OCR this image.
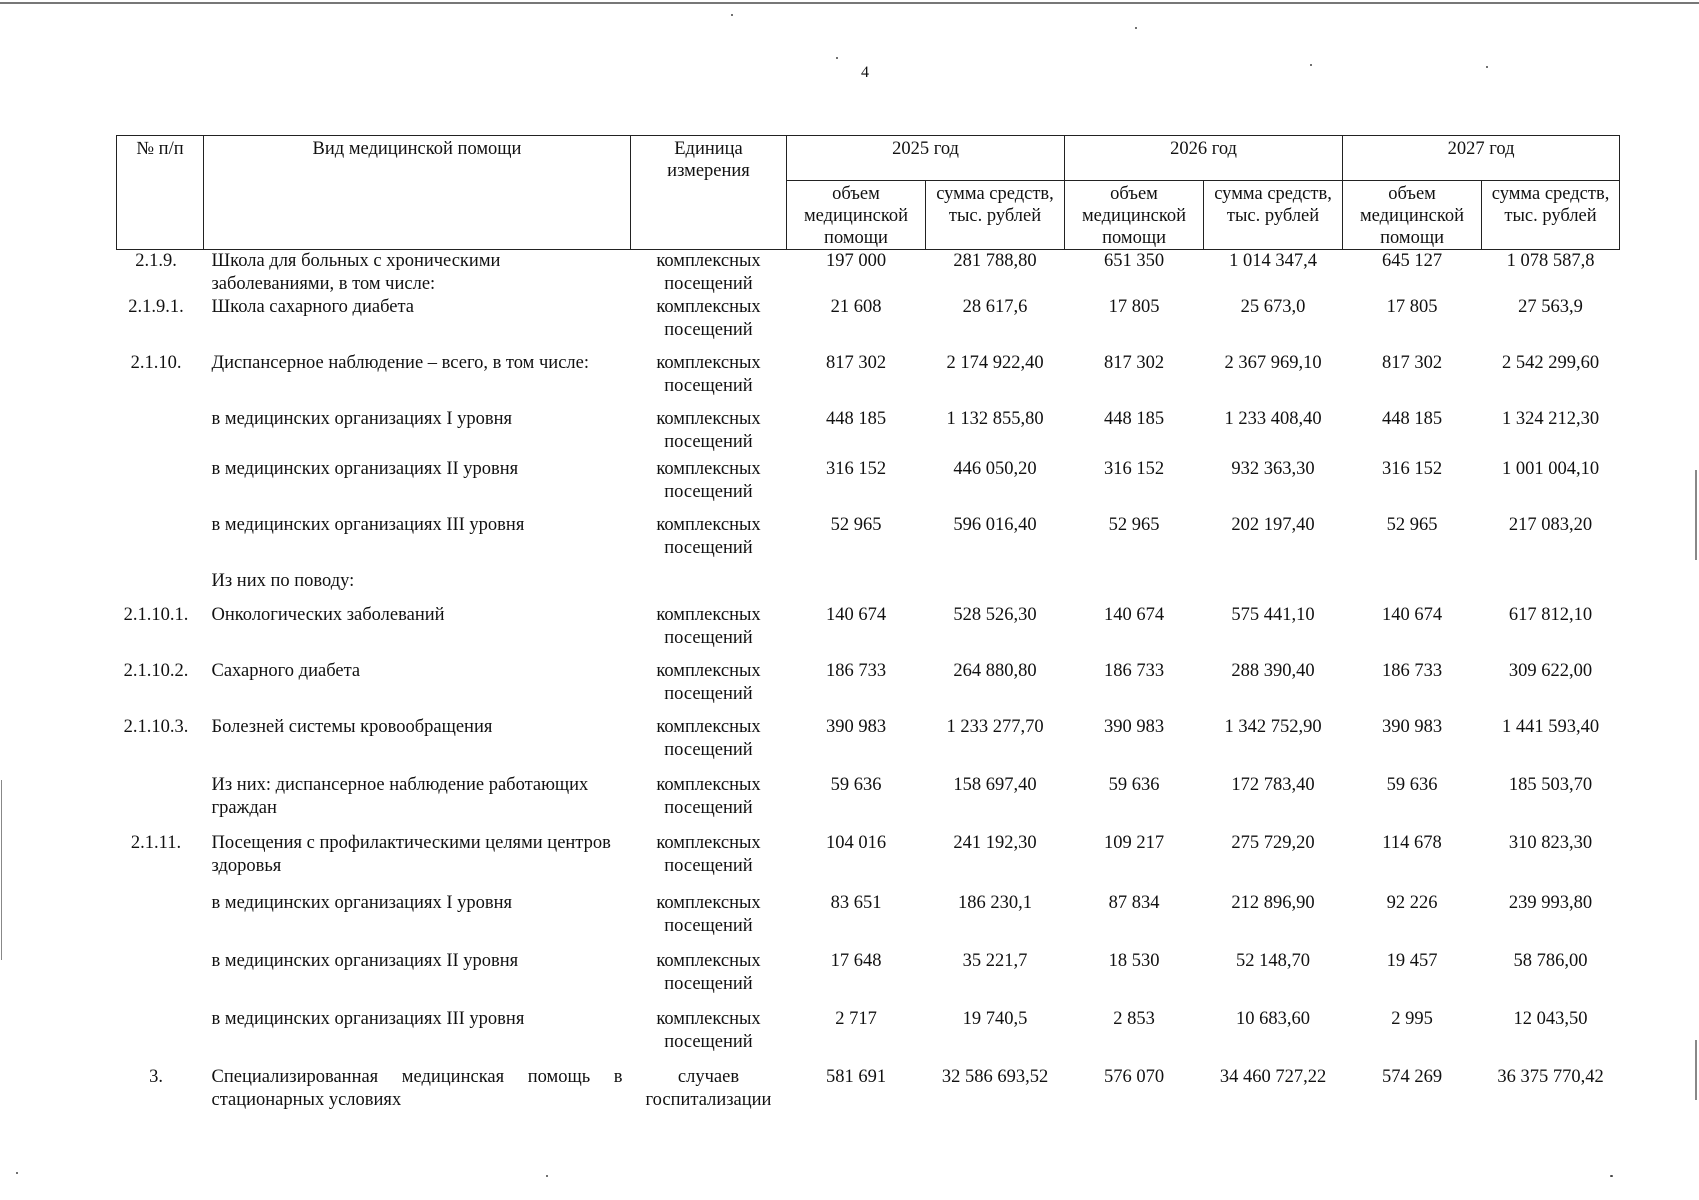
4
№ п/п	Вид медицинской помощи	Единица измерения	2025 год		2026 год		2027 год	
			объем медицинской помощи	сумма средств, тыс. рублей	объем медицинской помощи	сумма средств, тыс. рублей	объем медицинской помощи	сумма средств, тыс. рублей
2.1.9.	Школа для больных с хроническими заболеваниями, в том числе:	комплексных посещений	197 000	281 788,80	651 350	1 014 347,4	645 127	1 078 587,8
2.1.9.1.	Школа сахарного диабета	комплексных посещений	21 608	28 617,6	17 805	25 673,0	17 805	27 563,9
2.1.10.	Диспансерное наблюдение – всего, в том числе:	комплексных посещений	817 302	2 174 922,40	817 302	2 367 969,10	817 302	2 542 299,60
	в медицинских организациях I уровня	комплексных посещений	448 185	1 132 855,80	448 185	1 233 408,40	448 185	1 324 212,30
	в медицинских организациях II уровня	комплексных посещений	316 152	446 050,20	316 152	932 363,30	316 152	1 001 004,10
	в медицинских организациях III уровня	комплексных посещений	52 965	596 016,40	52 965	202 197,40	52 965	217 083,20
	Из них по поводу:							
2.1.10.1.	Онкологических заболеваний	комплексных посещений	140 674	528 526,30	140 674	575 441,10	140 674	617 812,10
2.1.10.2.	Сахарного диабета	комплексных посещений	186 733	264 880,80	186 733	288 390,40	186 733	309 622,00
2.1.10.3.	Болезней системы кровообращения	комплексных посещений	390 983	1 233 277,70	390 983	1 342 752,90	390 983	1 441 593,40
	Из них: диспансерное наблюдение работающих граждан	комплексных посещений	59 636	158 697,40	59 636	172 783,40	59 636	185 503,70
2.1.11.	Посещения с профилактическими целями центров здоровья	комплексных посещений	104 016	241 192,30	109 217	275 729,20	114 678	310 823,30
	в медицинских организациях I уровня	комплексных посещений	83 651	186 230,1	87 834	212 896,90	92 226	239 993,80
	в медицинских организациях II уровня	комплексных посещений	17 648	35 221,7	18 530	52 148,70	19 457	58 786,00
	в медицинских организациях III уровня	комплексных посещений	2 717	19 740,5	2 853	10 683,60	2 995	12 043,50
3.	Специализированная медицинская помощь в стационарных условиях	случаев госпитализации	581 691	32 586 693,52	576 070	34 460 727,22	574 269	36 375 770,42
